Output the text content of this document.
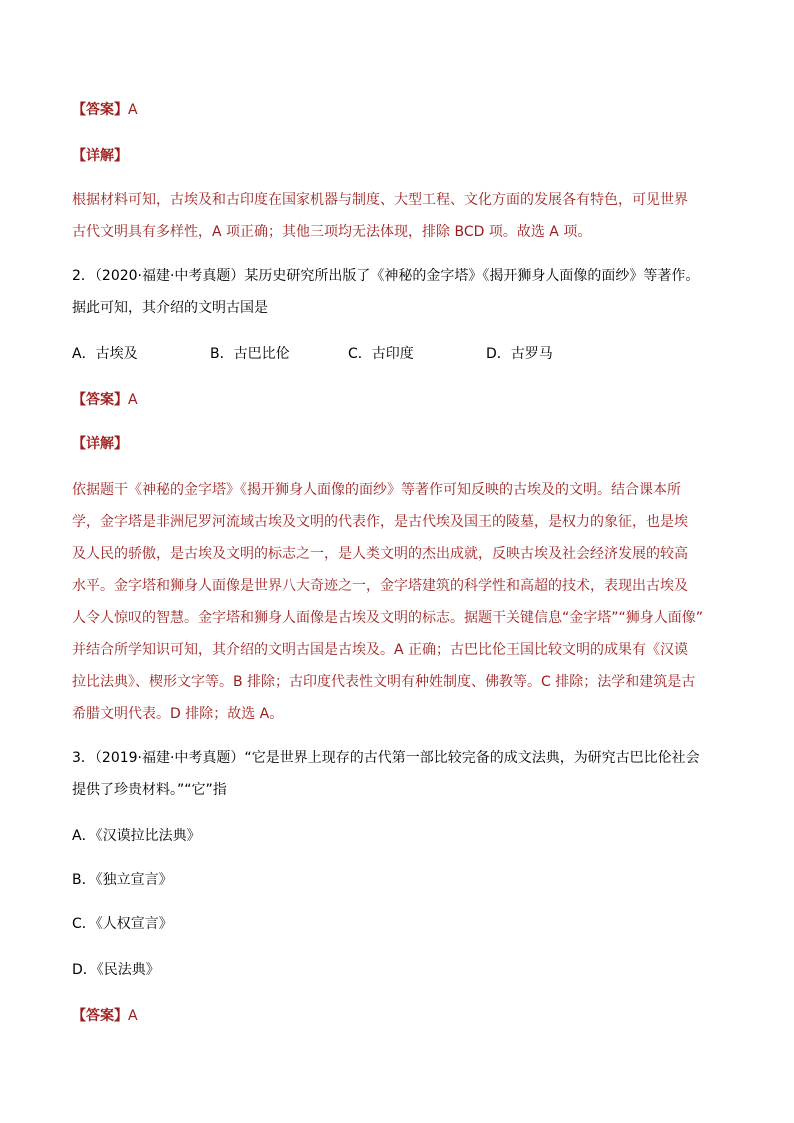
【答案】A
【详解】
根据材料可知，古埃及和古印度在国家机器与制度、大型工程、文化方面的发展各有特色，可见世界
古代文明具有多样性，A 项正确；其他三项均无法体现，排除 BCD 项。故选 A 项。
2．（2020·福建·中考真题）某历史研究所出版了《神秘的金字塔》《揭开狮身人面像的面纱》等著作。
据此可知，其介绍的文明古国是
A．古埃及	B．古巴比伦	C．古印度	D．古罗马
【答案】A
【详解】
依据题干《神秘的金字塔》《揭开狮身人面像的面纱》等著作可知反映的古埃及的文明。结合课本所
学，金字塔是非洲尼罗河流域古埃及文明的代表作，是古代埃及国王的陵墓，是权力的象征，也是埃
及人民的骄傲，是古埃及文明的标志之一，是人类文明的杰出成就，反映古埃及社会经济发展的较高
水平。金字塔和狮身人面像是世界八大奇迹之一，金字塔建筑的科学性和高超的技术，表现出古埃及
人令人惊叹的智慧。金字塔和狮身人面像是古埃及文明的标志。据题干关键信息“金字塔”“狮身人面像”
并结合所学知识可知，其介绍的文明古国是古埃及。A 正确；古巴比伦王国比较文明的成果有《汉谟
拉比法典》、楔形文字等。B 排除；古印度代表性文明有种姓制度、佛教等。C 排除；法学和建筑是古
希腊文明代表。D 排除；故选 A。
3．（2019·福建·中考真题）“它是世界上现存的古代第一部比较完备的成文法典，为研究古巴比伦社会
提供了珍贵材料。”“它”指
A．《汉谟拉比法典》
B．《独立宣言》
C．《人权宣言》
D．《民法典》
【答案】A
